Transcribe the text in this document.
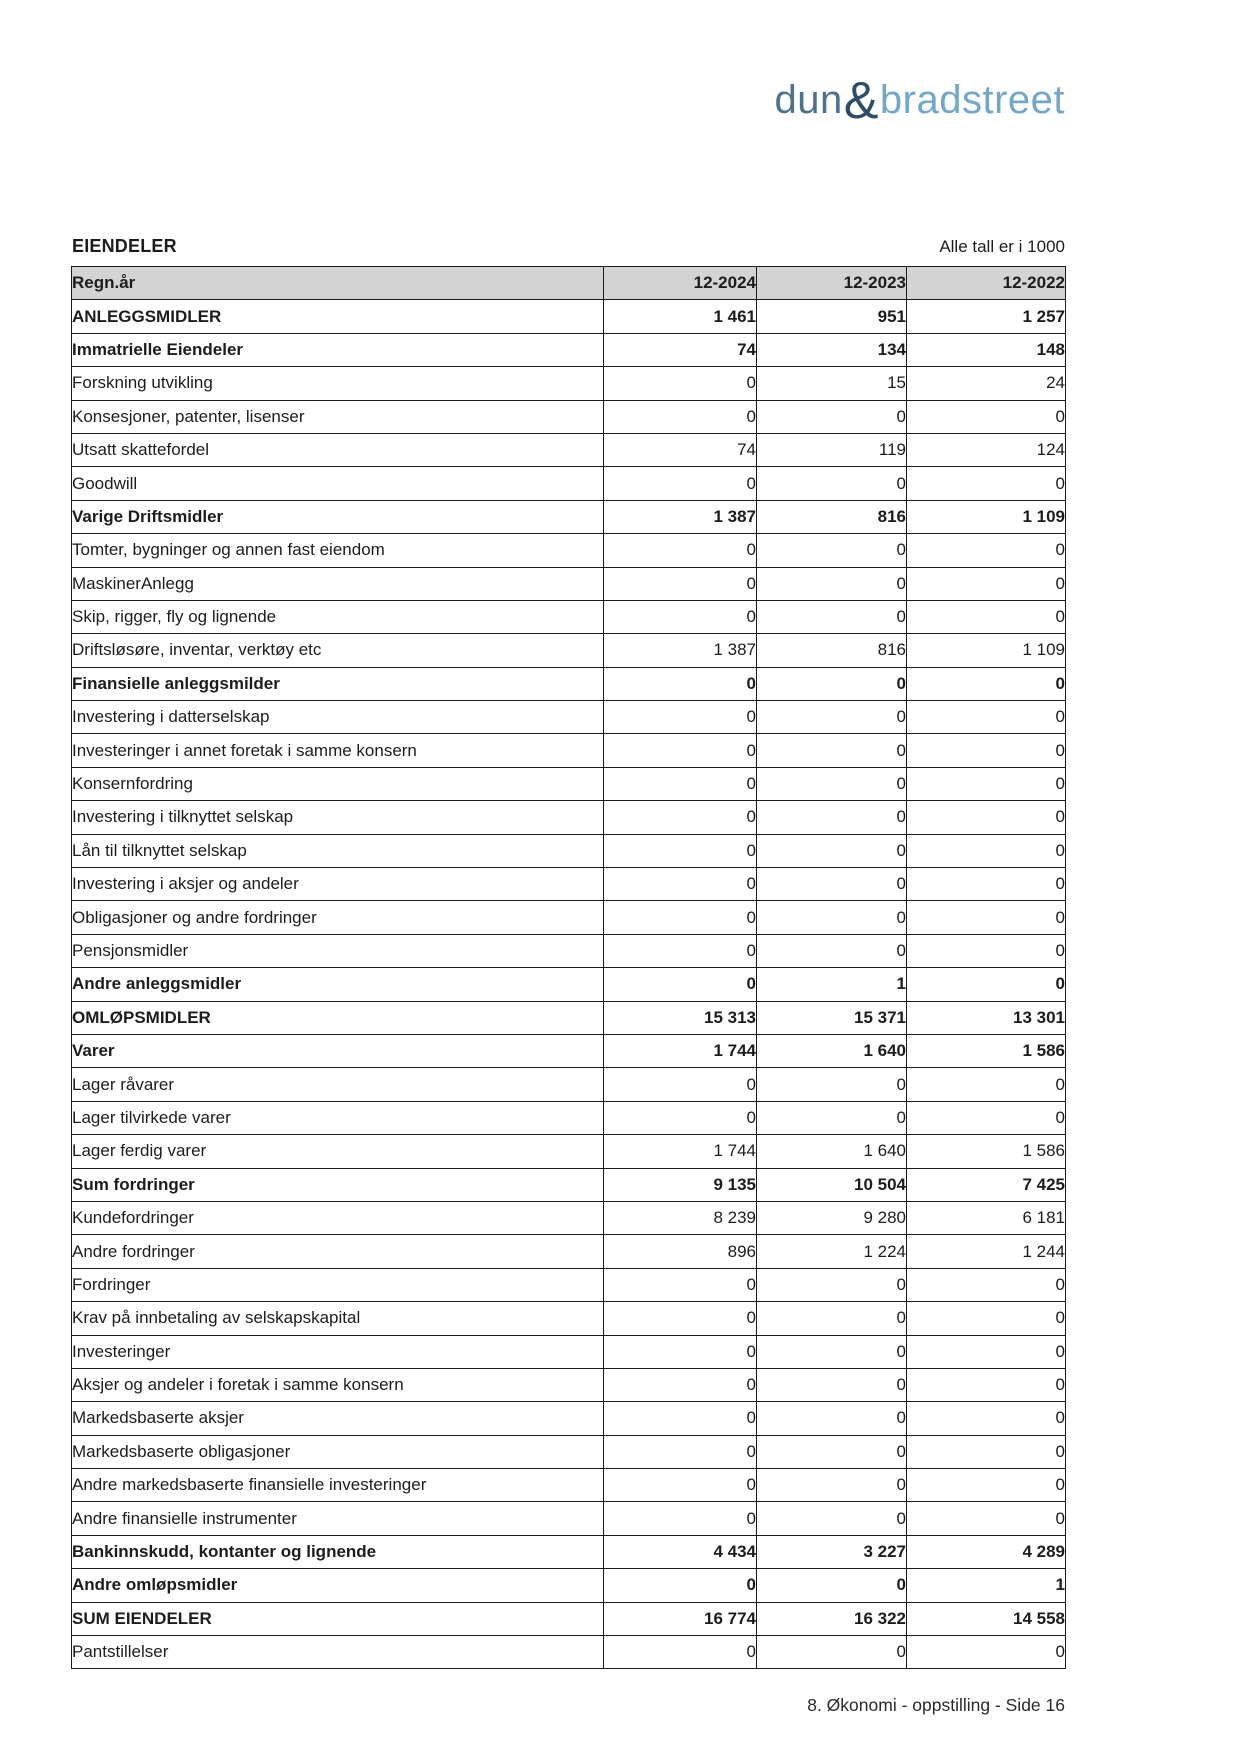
dun&bradstreet
EIENDELER	Alle tall er i 1000
Regn.år	12-2024	12-2023	12-2022
ANLEGGSMIDLER	1 461	951	1 257
Immatrielle Eiendeler	74	134	148
Forskning utvikling	0	15	24
Konsesjoner, patenter, lisenser	0	0	0
Utsatt skattefordel	74	119	124
Goodwill	0	0	0
Varige Driftsmidler	1 387	816	1 109
Tomter, bygninger og annen fast eiendom	0	0	0
MaskinerAnlegg	0	0	0
Skip, rigger, fly og lignende	0	0	0
Driftsløsøre, inventar, verktøy etc	1 387	816	1 109
Finansielle anleggsmilder	0	0	0
Investering i datterselskap	0	0	0
Investeringer i annet foretak i samme konsern	0	0	0
Konsernfordring	0	0	0
Investering i tilknyttet selskap	0	0	0
Lån til tilknyttet selskap	0	0	0
Investering i aksjer og andeler	0	0	0
Obligasjoner og andre fordringer	0	0	0
Pensjonsmidler	0	0	0
Andre anleggsmidler	0	1	0
OMLØPSMIDLER	15 313	15 371	13 301
Varer	1 744	1 640	1 586
Lager råvarer	0	0	0
Lager tilvirkede varer	0	0	0
Lager ferdig varer	1 744	1 640	1 586
Sum fordringer	9 135	10 504	7 425
Kundefordringer	8 239	9 280	6 181
Andre fordringer	896	1 224	1 244
Fordringer	0	0	0
Krav på innbetaling av selskapskapital	0	0	0
Investeringer	0	0	0
Aksjer og andeler i foretak i samme konsern	0	0	0
Markedsbaserte aksjer	0	0	0
Markedsbaserte obligasjoner	0	0	0
Andre markedsbaserte finansielle investeringer	0	0	0
Andre finansielle instrumenter	0	0	0
Bankinnskudd, kontanter og lignende	4 434	3 227	4 289
Andre omløpsmidler	0	0	1
SUM EIENDELER	16 774	16 322	14 558
Pantstillelser	0	0	0
8. Økonomi - oppstilling - Side 16
